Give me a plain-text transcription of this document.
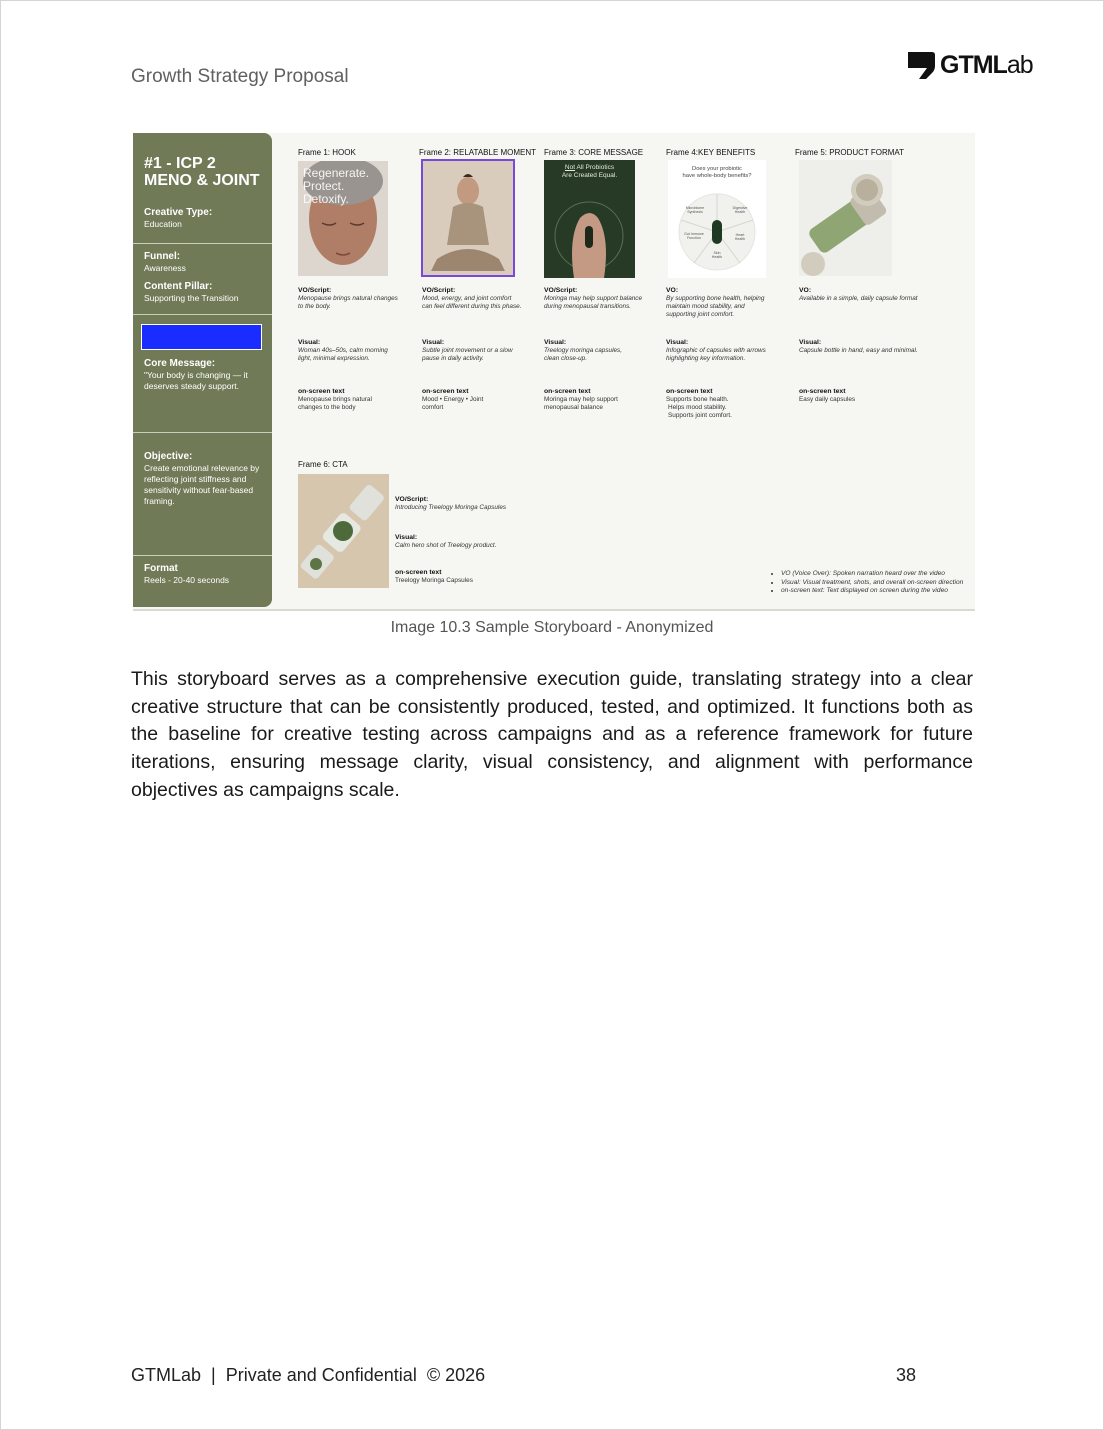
Growth Strategy Proposal	GTMLab
#1 - ICP 2
MENO & JOINT
Creative Type:
Education
Funnel:
Awareness
Content Pillar:
Supporting the Transition
Core Message:
"Your body is changing — it deserves steady support.
Objective:
Create emotional relevance by reflecting joint stiffness and sensitivity without fear-based framing.
Format
Reels - 20-40 seconds
Frame 1: HOOK
Regenerate.
Protect.
Detoxify.
VO/Script:
Menopause brings natural changes to the body.
Visual:
Woman 40s–50s, calm morning light, minimal expression.
on-screen text
Menopause brings natural changes to the body
Frame 2: RELATABLE MOMENT
VO/Script:
Mood, energy, and joint comfort can feel different during this phase.
Visual:
Subtle joint movement or a slow pause in daily activity.
on-screen text
Mood • Energy • Joint comfort
Frame 3: CORE MESSAGE
Not All Probiotics
Are Created Equal.
VO/Script:
Moringa may help support balance during menopausal transitions.
Visual:
Treelogy moringa capsules, clean close-up.
on-screen text
Moringa may help support menopausal balance
Frame 4:KEY BENEFITS
Does your probiotic
have whole-body benefits?
Microbiome Synthesis
Digestive Health
Gut Immune Function
Heart Health
Skin Health
VO:
By supporting bone health, helping maintain mood stability, and supporting joint comfort.
Visual:
Infographic of capsules with arrows highlighting key information.
on-screen text
Supports bone health.
Helps mood stability.
Supports joint comfort.
Frame 5: PRODUCT FORMAT
VO:
Available in a simple, daily capsule format
Visual:
Capsule bottle in hand, easy and minimal.
on-screen text
Easy daily capsules
Frame 6: CTA
VO/Script:
Introducing Treelogy Moringa Capsules
Visual:
Calm hero shot of Treelogy product.
on-screen text
Treelogy Moringa Capsules
• VO (Voice Over): Spoken narration heard over the video
• Visual: Visual treatment, shots, and overall on-screen direction
• on-screen text: Text displayed on screen during the video
Image 10.3 Sample Storyboard - Anonymized
This storyboard serves as a comprehensive execution guide, translating strategy into a clear creative structure that can be consistently produced, tested, and optimized. It functions both as the baseline for creative testing across campaigns and as a reference framework for future iterations, ensuring message clarity, visual consistency, and alignment with performance objectives as campaigns scale.
GTMLab  |  Private and Confidential  © 2026	38
